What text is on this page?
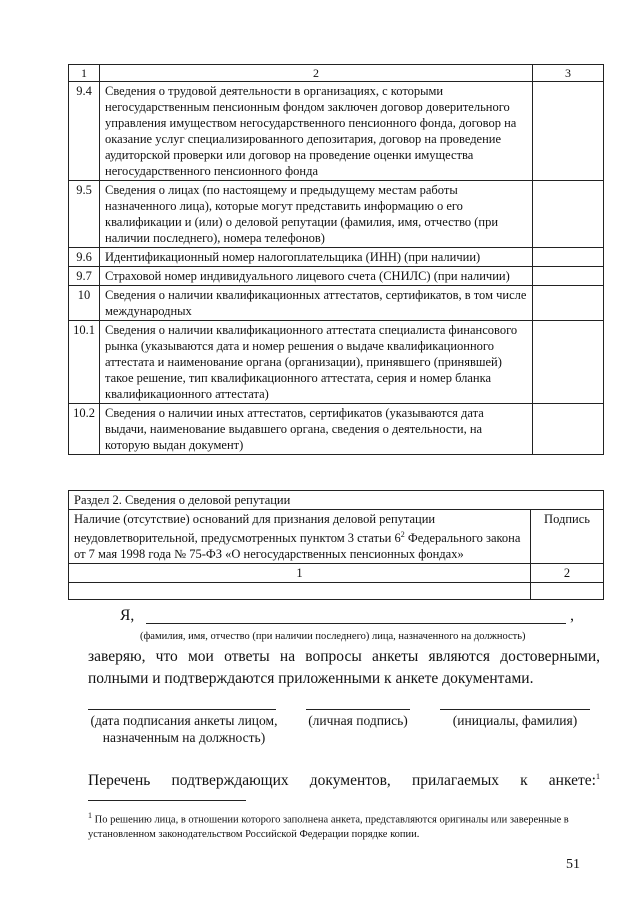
1	2	3
9.4	Сведения о трудовой деятельности в организациях, с которыми негосударственным пенсионным фондом заключен договор доверительного управления имуществом негосударственного пенсионного фонда, договор на оказание услуг специализированного депозитария, договор на проведение аудиторской проверки или договор на проведение оценки имущества негосударственного пенсионного фонда	
9.5	Сведения о лицах (по настоящему и предыдущему местам работы назначенного лица), которые могут представить информацию о его квалификации и (или) о деловой репутации (фамилия, имя, отчество (при наличии последнего), номера телефонов)	
9.6	Идентификационный номер налогоплательщика (ИНН) (при наличии)	
9.7	Страховой номер индивидуального лицевого счета (СНИЛС) (при наличии)	
10	Сведения о наличии квалификационных аттестатов, сертификатов, в том числе международных	
10.1	Сведения о наличии квалификационного аттестата специалиста финансового рынка (указываются дата и номер решения о выдаче квалификационного аттестата и наименование органа (организации), принявшего (принявшей) такое решение, тип квалификационного аттестата, серия и номер бланка квалификационного аттестата)	
10.2	Сведения о наличии иных аттестатов, сертификатов (указываются дата выдачи, наименование выдавшего органа, сведения о деятельности, на которую выдан документ)	
Раздел 2. Сведения о деловой репутации	
Наличие (отсутствие) оснований для признания деловой репутации неудовлетворительной, предусмотренных пунктом 3 статьи $6^2$ Федерального закона от 7 мая 1998 года № 75-ФЗ «О негосударственных пенсионных фондах»	Подпись
1	2

Я,	,
(фамилия, имя, отчество (при наличии последнего) лица, назначенного на должность)
заверяю, что мои ответы на вопросы анкеты являются достоверными, полными и подтверждаются приложенными к анкете документами.
(дата подписания анкеты лицом,
назначенным на должность)
(личная подпись)	(инициалы, фамилия)
Перечень подтверждающих документов, прилагаемых к анкете:$^1$
$^1$ По решению лица, в отношении которого заполнена анкета, представляются оригиналы или заверенные в установленном законодательством Российской Федерации порядке копии.
51
